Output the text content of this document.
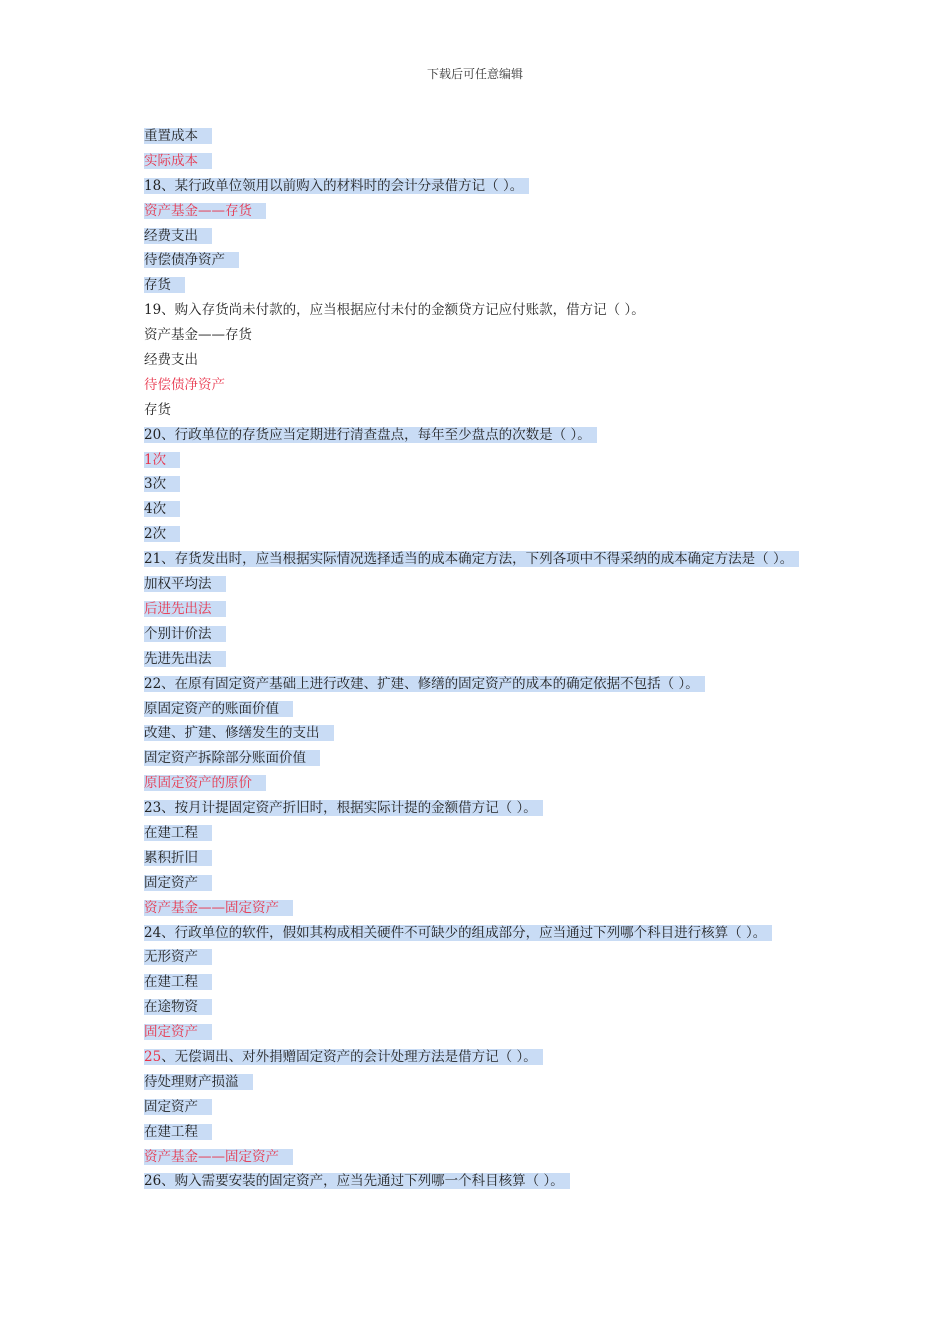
下载后可任意编辑
重置成本
实际成本
18、某行政单位领用以前购入的材料时的会计分录借方记（ ）。
资产基金——存货
经费支出
待偿债净资产
存货
19、购入存货尚未付款的，应当根据应付未付的金额贷方记应付账款，借方记（ ）。
资产基金——存货
经费支出
待偿债净资产
存货
20、行政单位的存货应当定期进行清查盘点，每年至少盘点的次数是（ ）。
1次
3次
4次
2次
21、存货发出时，应当根据实际情况选择适当的成本确定方法，下列各项中不得采纳的成本确定方法是（ ）。
加权平均法
后进先出法
个别计价法
先进先出法
22、在原有固定资产基础上进行改建、扩建、修缮的固定资产的成本的确定依据不包括（ ）。
原固定资产的账面价值
改建、扩建、修缮发生的支出
固定资产拆除部分账面价值
原固定资产的原价
23、按月计提固定资产折旧时，根据实际计提的金额借方记（ ）。
在建工程
累积折旧
固定资产
资产基金——固定资产
24、行政单位的软件，假如其构成相关硬件不可缺少的组成部分，应当通过下列哪个科目进行核算（ ）。
无形资产
在建工程
在途物资
固定资产
25、无偿调出、对外捐赠固定资产的会计处理方法是借方记（ ）。
待处理财产损溢
固定资产
在建工程
资产基金——固定资产
26、购入需要安装的固定资产，应当先通过下列哪一个科目核算（ ）。
